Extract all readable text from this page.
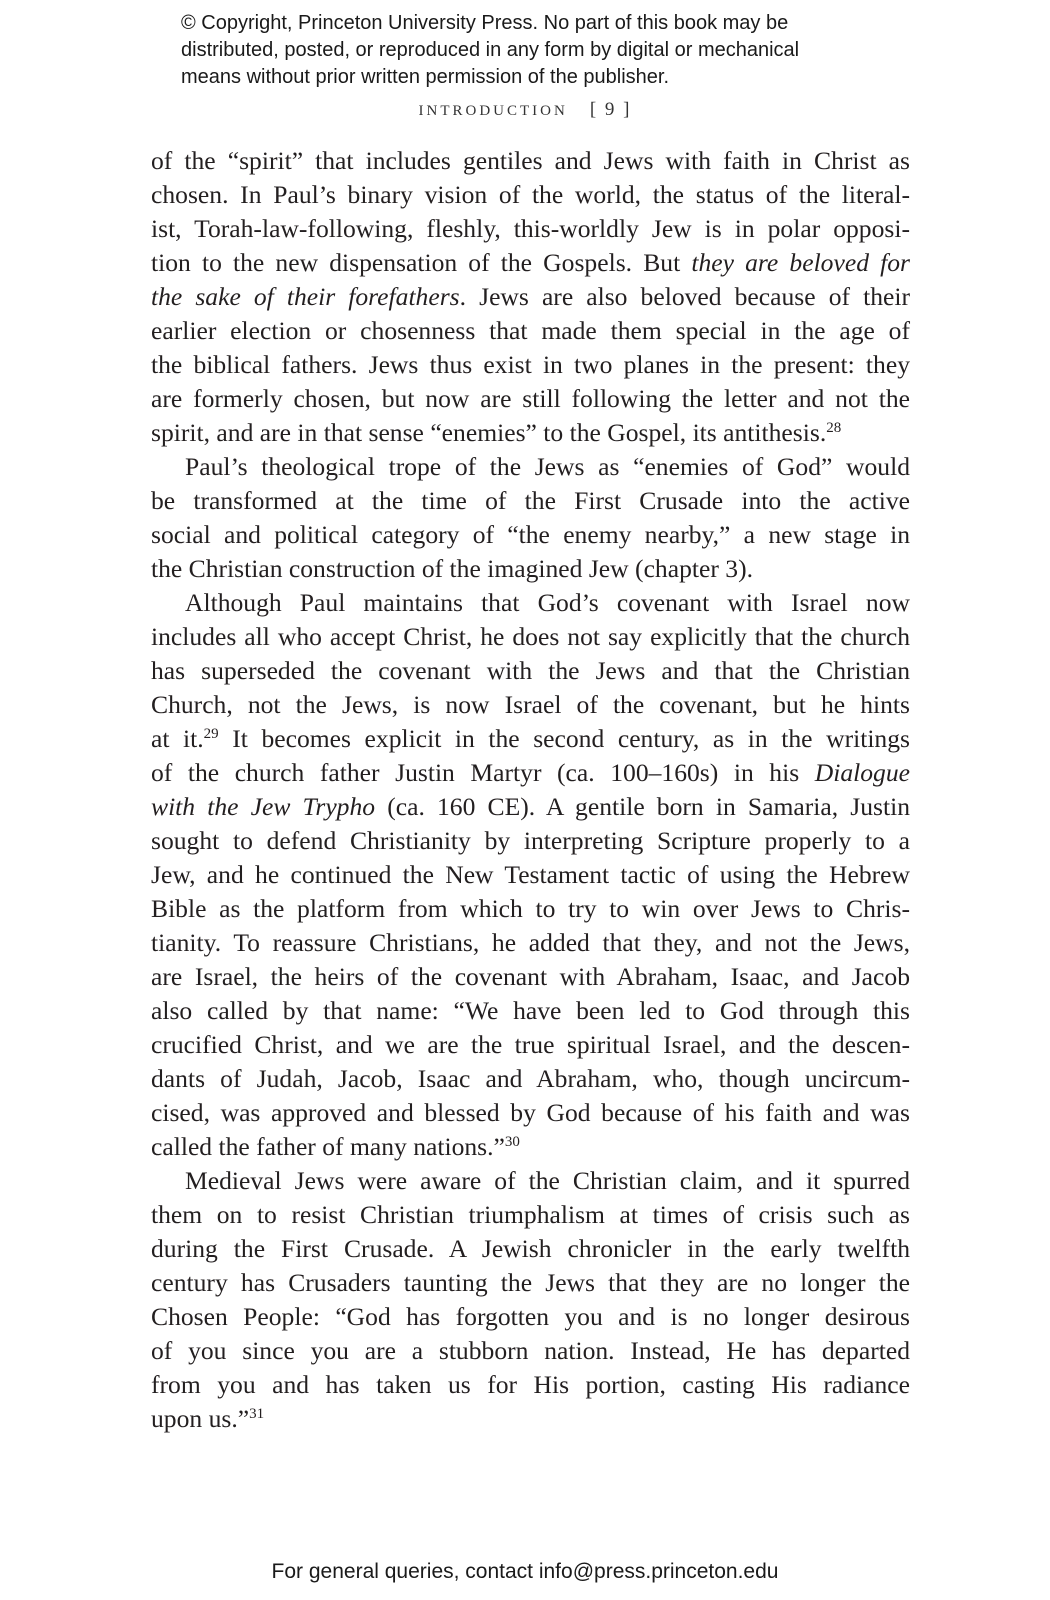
© Copyright, Princeton University Press. No part of this book may be
distributed, posted, or reproduced in any form by digital or mechanical
means without prior written permission of the publisher.
INTRODUCTION [ 9 ]
of the “spirit” that includes gentiles and Jews with faith in Christ as
chosen. In Paul’s binary vision of the world, the status of the literal-
ist, Torah-law-following, fleshly, this-worldly Jew is in polar opposi-
tion to the new dispensation of the Gospels. But they are beloved for
the sake of their forefathers. Jews are also beloved because of their
earlier election or chosenness that made them special in the age of
the biblical fathers. Jews thus exist in two planes in the present: they
are formerly chosen, but now are still following the letter and not the
spirit, and are in that sense “enemies” to the Gospel, its antithesis.$^{28}$
Paul’s theological trope of the Jews as “enemies of God” would
be transformed at the time of the First Crusade into the active
social and political category of “the enemy nearby,” a new stage in
the Christian construction of the imagined Jew (chapter 3).
Although Paul maintains that God’s covenant with Israel now
includes all who accept Christ, he does not say explicitly that the church
has superseded the covenant with the Jews and that the Christian
Church, not the Jews, is now Israel of the covenant, but he hints
at it.$^{29}$ It becomes explicit in the second century, as in the writings
of the church father Justin Martyr (ca. 100–160s) in his Dialogue
with the Jew Trypho (ca. 160 CE). A gentile born in Samaria, Justin
sought to defend Christianity by interpreting Scripture properly to a
Jew, and he continued the New Testament tactic of using the Hebrew
Bible as the platform from which to try to win over Jews to Chris-
tianity. To reassure Christians, he added that they, and not the Jews,
are Israel, the heirs of the covenant with Abraham, Isaac, and Jacob
also called by that name: “We have been led to God through this
crucified Christ, and we are the true spiritual Israel, and the descen-
dants of Judah, Jacob, Isaac and Abraham, who, though uncircum-
cised, was approved and blessed by God because of his faith and was
called the father of many nations.”$^{30}$
Medieval Jews were aware of the Christian claim, and it spurred
them on to resist Christian triumphalism at times of crisis such as
during the First Crusade. A Jewish chronicler in the early twelfth
century has Crusaders taunting the Jews that they are no longer the
Chosen People: “God has forgotten you and is no longer desirous
of you since you are a stubborn nation. Instead, He has departed
from you and has taken us for His portion, casting His radiance
upon us.”$^{31}$
For general queries, contact info@press.princeton.edu
